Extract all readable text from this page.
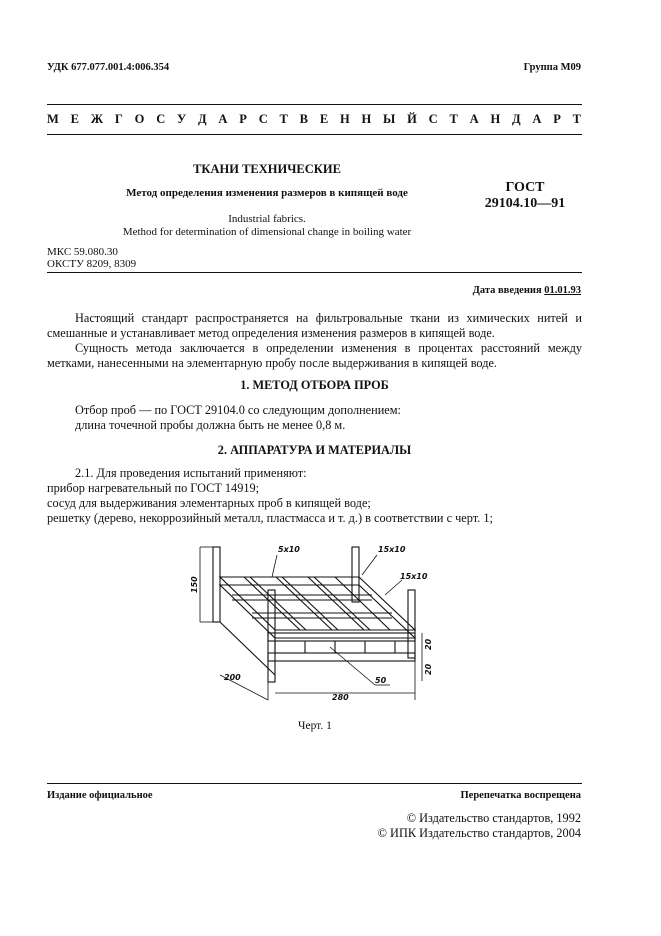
УДК 677.077.001.4:006.354	Группа М09
М Е Ж Г О С У Д А Р С Т В Е Н Н Ы Й С Т А Н Д А Р Т
ТКАНИ ТЕХНИЧЕСКИЕ
Метод определения изменения размеров в кипящей воде
Industrial fabrics.
Method for determination of dimensional change in boiling water
ГОСТ
29104.10—91
МКС 59.080.30
ОКСТУ 8209, 8309
Дата введения 01.01.93
Настоящий стандарт распространяется на фильтровальные ткани из химических нитей и смешанные и устанавливает метод определения изменения размеров в кипящей воде.
Сущность метода заключается в определении изменения в процентах расстояний между метками, нанесенными на элементарную пробу после выдерживания в кипящей воде.
1. МЕТОД ОТБОРА ПРОБ
Отбор проб — по ГОСТ 29104.0 со следующим дополнением:
длина точечной пробы должна быть не менее 0,8 м.
2. АППАРАТУРА И МАТЕРИАЛЫ
2.1. Для проведения испытаний применяют:
прибор нагревательный по ГОСТ 14919;
сосуд для выдерживания элементарных проб в кипящей воде;
решетку (дерево, некоррозийный металл, пластмасса и т. д.) в соответствии с черт. 1;
5x10	15x10
15x10
150
20
20
200	50
280
Черт. 1
Издание официальное	Перепечатка воспрещена
© Издательство стандартов, 1992
© ИПК Издательство стандартов, 2004
